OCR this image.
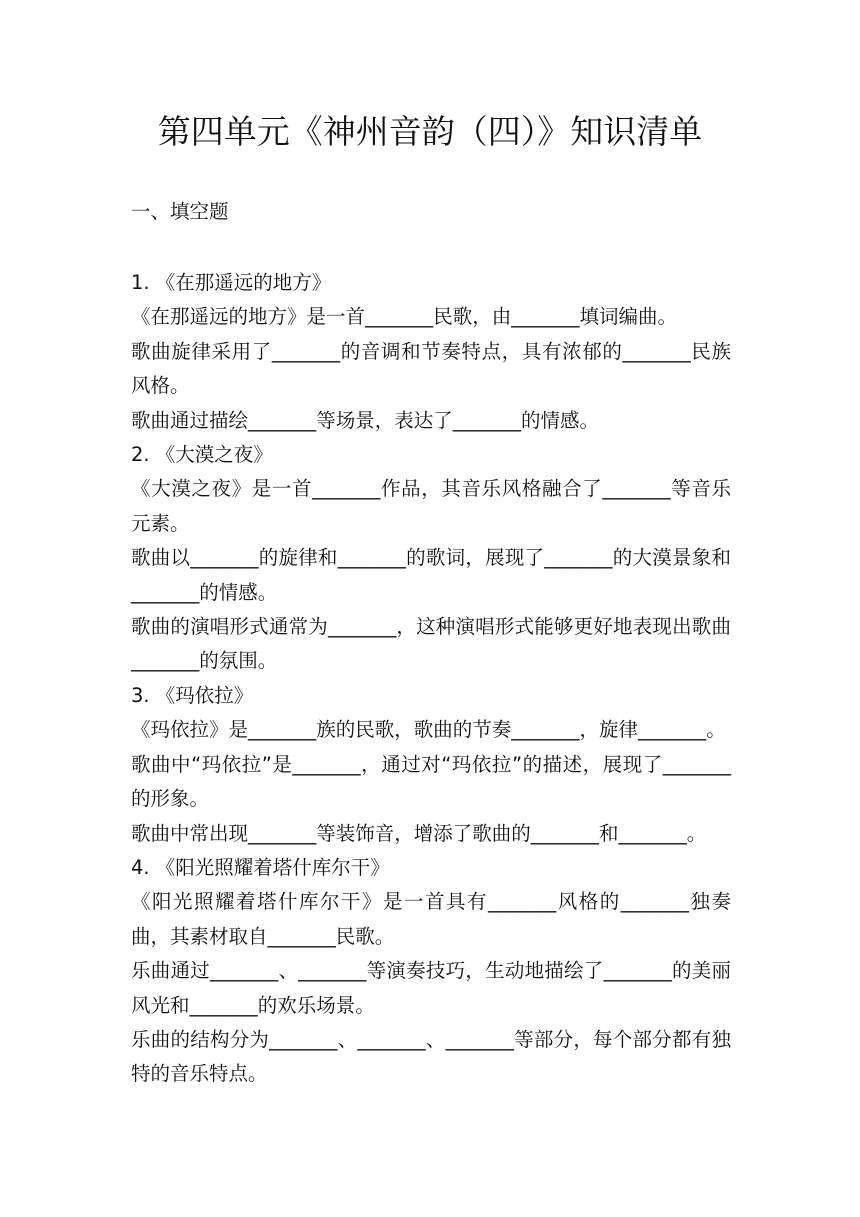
第四单元《神州音韵（四）》知识清单
一、填空题
1. 《在那遥远的地方》
《在那遥远的地方》是一首_______民歌，由_______填词编曲。
歌曲旋律采用了_______的音调和节奏特点，具有浓郁的_______民族风格。
歌曲通过描绘_______等场景，表达了_______的情感。
2. 《大漠之夜》
《大漠之夜》是一首_______作品，其音乐风格融合了_______等音乐元素。
歌曲以_______的旋律和_______的歌词，展现了_______的大漠景象和_______的情感。
歌曲的演唱形式通常为_______，这种演唱形式能够更好地表现出歌曲_______的氛围。
3. 《玛依拉》
《玛依拉》是_______族的民歌，歌曲的节奏_______，旋律_______。
歌曲中“玛依拉”是_______，通过对“玛依拉”的描述，展现了_______的形象。
歌曲中常出现_______等装饰音，增添了歌曲的_______和_______。
4. 《阳光照耀着塔什库尔干》
《阳光照耀着塔什库尔干》是一首具有_______风格的_______独奏曲，其素材取自_______民歌。
乐曲通过_______、_______等演奏技巧，生动地描绘了_______的美丽风光和_______的欢乐场景。
乐曲的结构分为_______、_______、_______等部分，每个部分都有独特的音乐特点。
